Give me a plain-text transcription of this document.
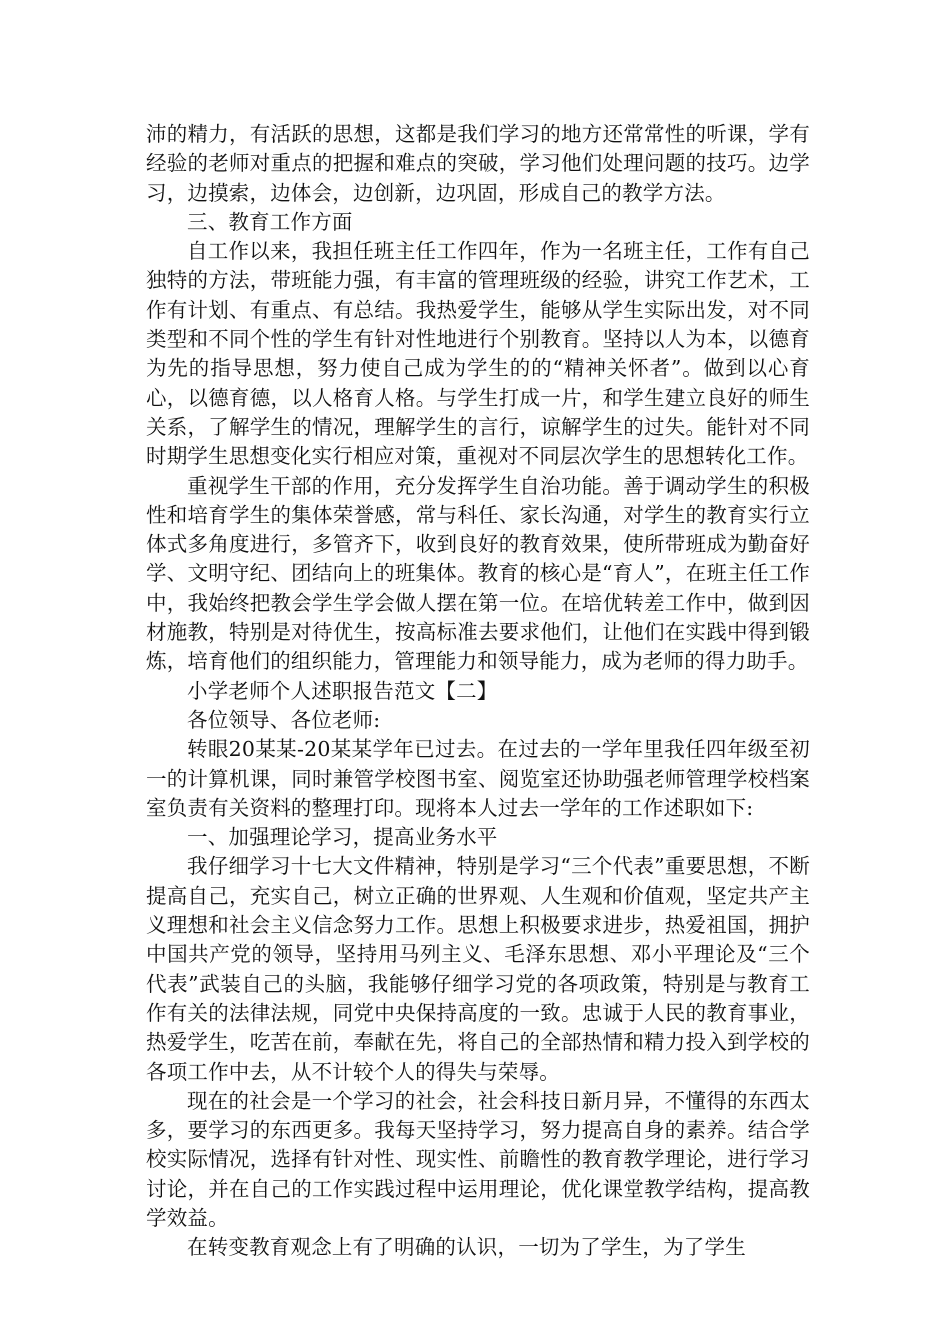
沛的精力，有活跃的思想，这都是我们学习的地方还常常性的听课，学有经验的老师对重点的把握和难点的突破，学习他们处理问题的技巧。边学习，边摸索，边体会，边创新，边巩固，形成自己的教学方法。

三、教育工作方面

自工作以来，我担任班主任工作四年，作为一名班主任，工作有自己独特的方法，带班能力强，有丰富的管理班级的经验，讲究工作艺术，工作有计划、有重点、有总结。我热爱学生，能够从学生实际出发，对不同类型和不同个性的学生有针对性地进行个别教育。坚持以人为本，以德育为先的指导思想，努力使自己成为学生的的“精神关怀者”。做到以心育心，以德育德，以人格育人格。与学生打成一片，和学生建立良好的师生关系，了解学生的情况，理解学生的言行，谅解学生的过失。能针对不同时期学生思想变化实行相应对策，重视对不同层次学生的思想转化工作。

重视学生干部的作用，充分发挥学生自治功能。善于调动学生的积极性和培育学生的集体荣誉感，常与科任、家长沟通，对学生的教育实行立体式多角度进行，多管齐下，收到良好的教育效果，使所带班成为勤奋好学、文明守纪、团结向上的班集体。教育的核心是“育人”，在班主任工作中，我始终把教会学生学会做人摆在第一位。在培优转差工作中，做到因材施教，特别是对待优生，按高标准去要求他们，让他们在实践中得到锻炼，培育他们的组织能力，管理能力和领导能力，成为老师的得力助手。

小学老师个人述职报告范文【二】

各位领导、各位老师:

转眼20某某-20某某学年已过去。在过去的一学年里我任四年级至初一的计算机课，同时兼管学校图书室、阅览室还协助强老师管理学校档案室负责有关资料的整理打印。现将本人过去一学年的工作述职如下:

一、加强理论学习，提高业务水平

我仔细学习十七大文件精神，特别是学习“三个代表”重要思想，不断提高自己，充实自己，树立正确的世界观、人生观和价值观，坚定共产主义理想和社会主义信念努力工作。思想上积极要求进步，热爱祖国，拥护中国共产党的领导，坚持用马列主义、毛泽东思想、邓小平理论及“三个代表”武装自己的头脑，我能够仔细学习党的各项政策，特别是与教育工作有关的法律法规，同党中央保持高度的一致。忠诚于人民的教育事业，热爱学生，吃苦在前，奉献在先，将自己的全部热情和精力投入到学校的各项工作中去，从不计较个人的得失与荣辱。

现在的社会是一个学习的社会，社会科技日新月异，不懂得的东西太多，要学习的东西更多。我每天坚持学习，努力提高自身的素养。结合学校实际情况，选择有针对性、现实性、前瞻性的教育教学理论，进行学习讨论，并在自己的工作实践过程中运用理论，优化课堂教学结构，提高教学效益。

在转变教育观念上有了明确的认识，一切为了学生，为了学生
